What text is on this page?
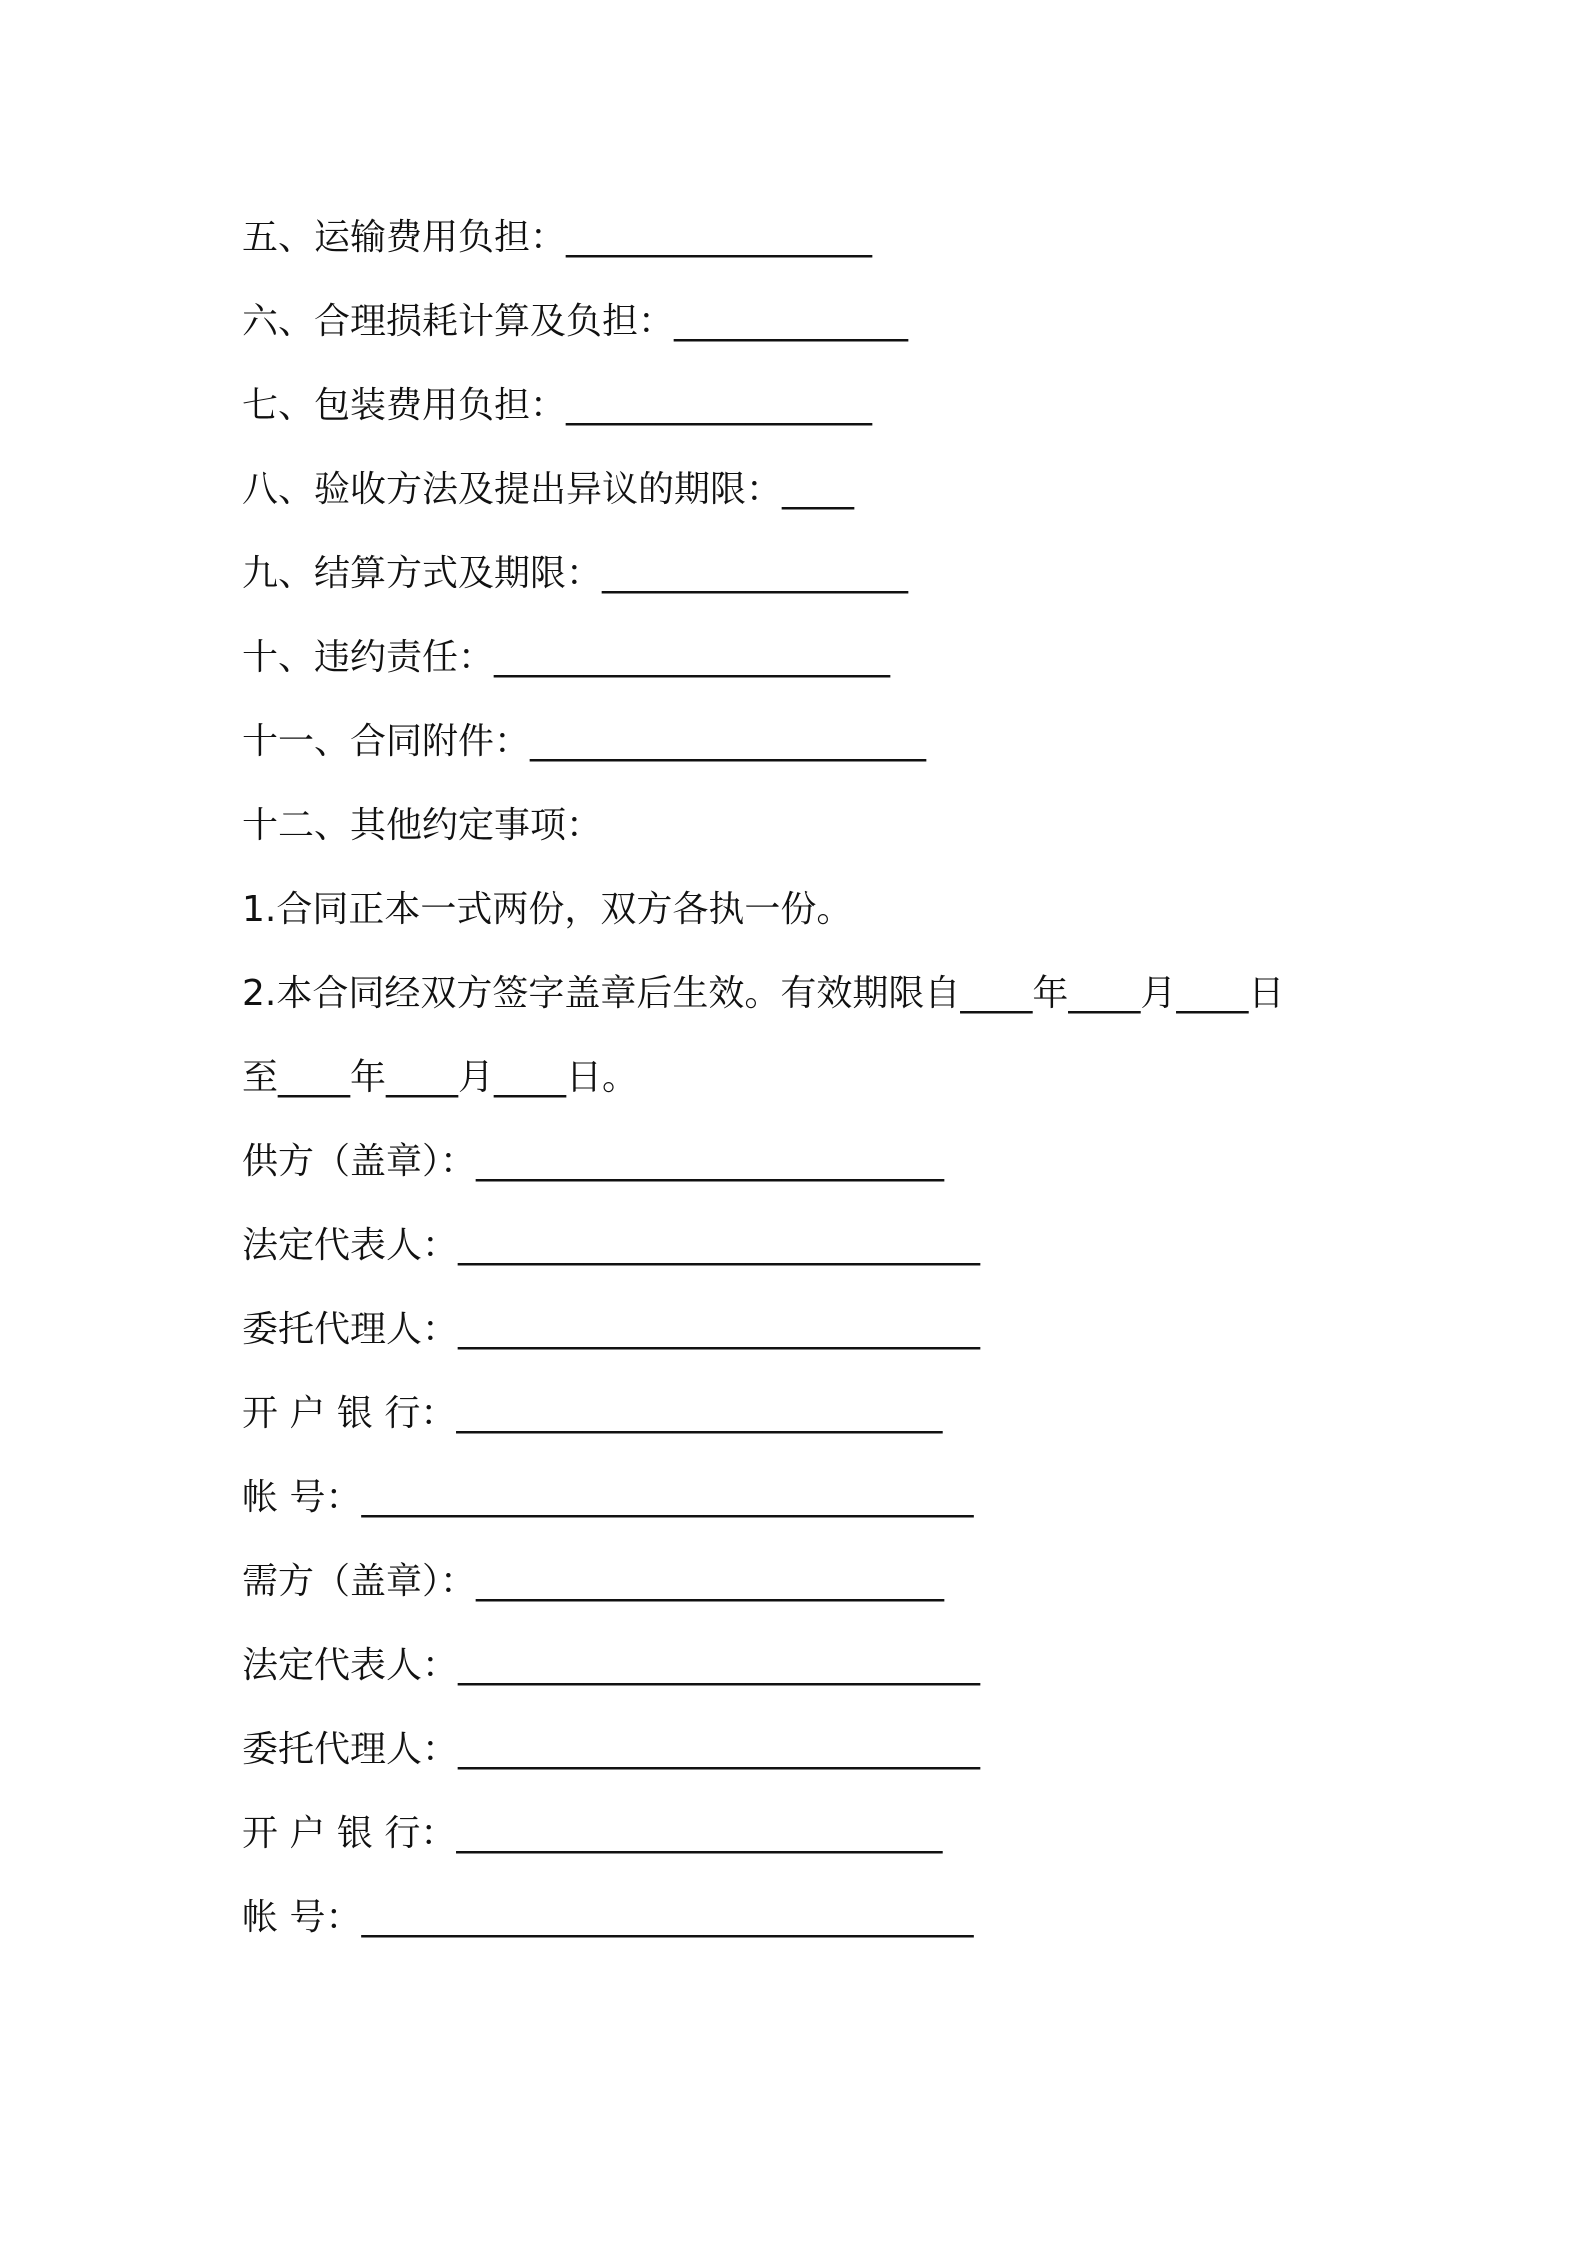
五、运输费用负担：_________________
六、合理损耗计算及负担：_____________
七、包装费用负担：_________________
八、验收方法及提出异议的期限：____
九、结算方式及期限：_________________
十、违约责任：______________________
十一、合同附件：______________________
十二、其他约定事项：
1.合同正本一式两份，双方各执一份。
2.本合同经双方签字盖章后生效。有效期限自____年____月____日
至____年____月____日。
供方（盖章）：__________________________
法定代表人：_____________________________
委托代理人：_____________________________
开 户 银 行：___________________________
帐 号：__________________________________
需方（盖章）：__________________________
法定代表人：_____________________________
委托代理人：_____________________________
开 户 银 行：___________________________
帐 号：__________________________________
